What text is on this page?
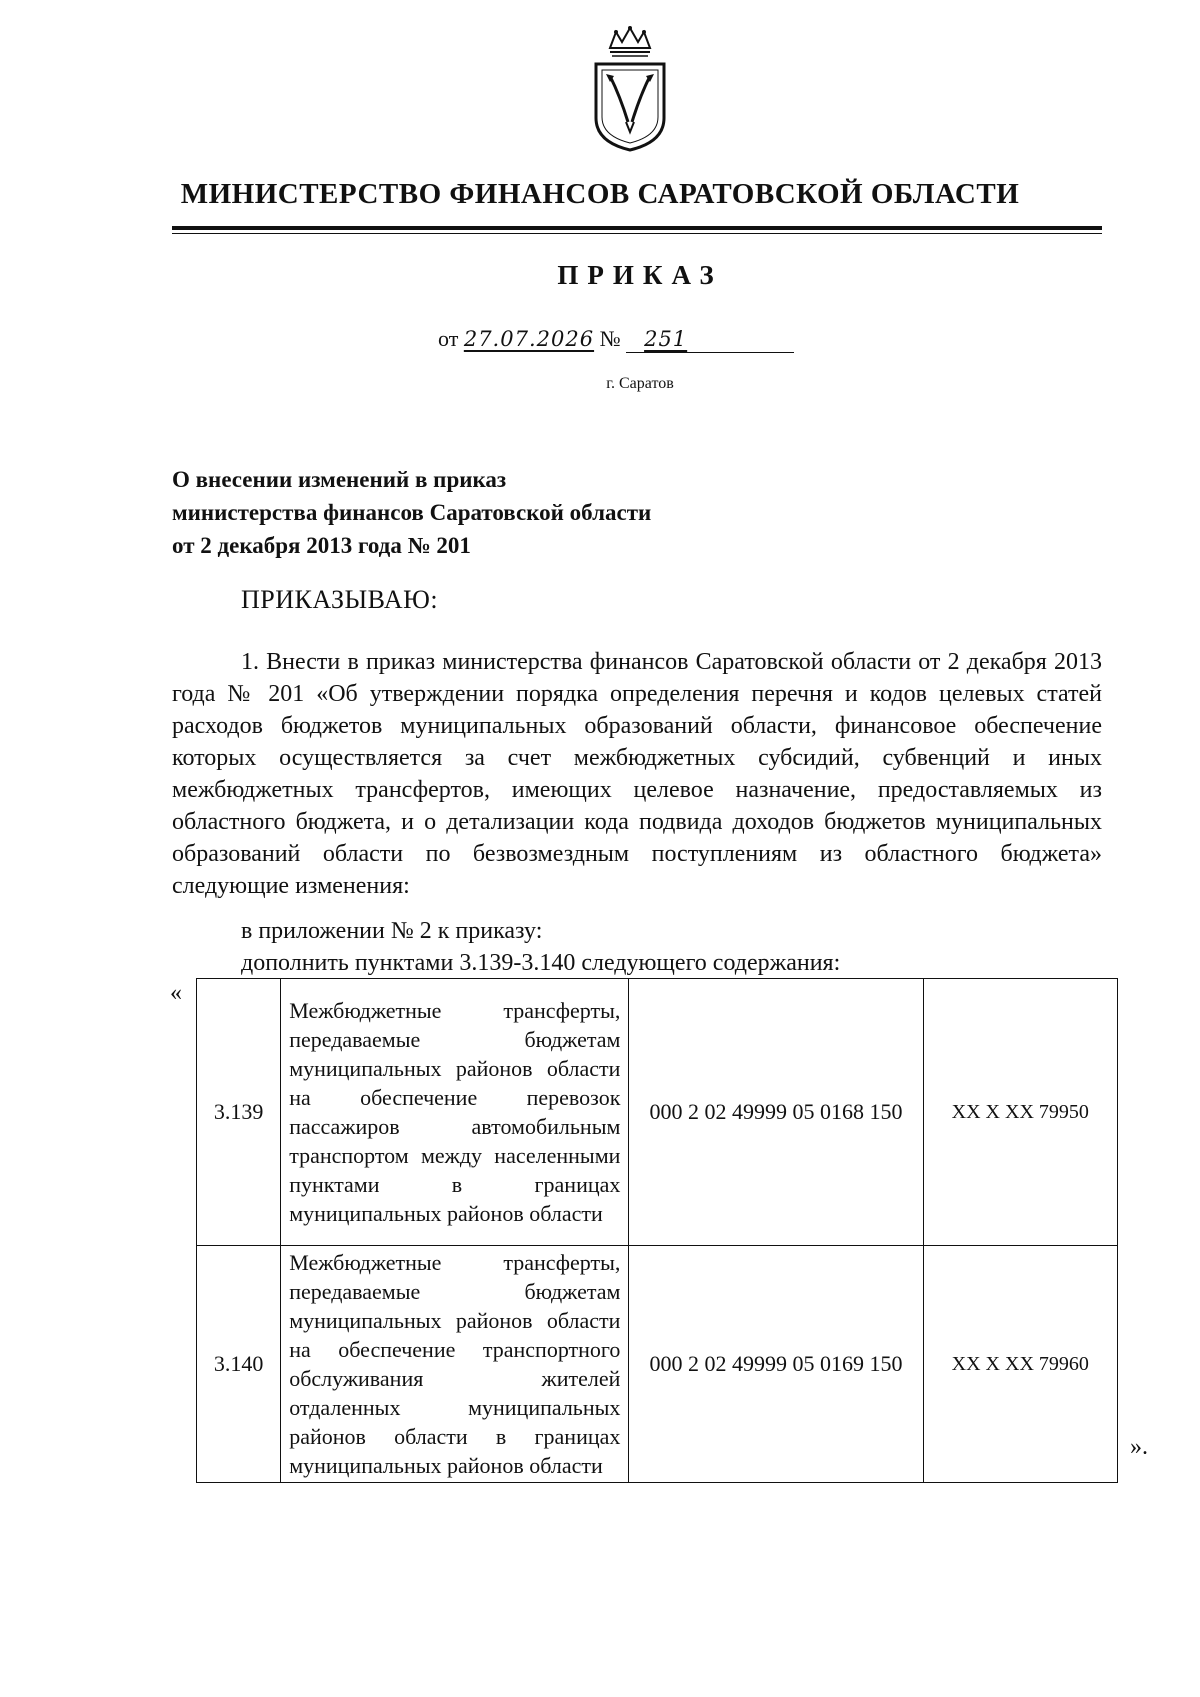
МИНИСТЕРСТВО ФИНАНСОВ САРАТОВСКОЙ ОБЛАСТИ
ПРИКАЗ
от 27.07.2026 № 251
г. Саратов
О внесении изменений в приказ
министерства финансов Саратовской области
от 2 декабря 2013 года № 201
ПРИКАЗЫВАЮ:

1. Внести в приказ министерства финансов Саратовской области от 2 декабря 2013 года № 201 «Об утверждении порядка определения перечня и кодов целевых статей расходов бюджетов муниципальных образований области, финансовое обеспечение которых осуществляется за счет межбюджетных субсидий, субвенций и иных межбюджетных трансфертов, имеющих целевое назначение, предоставляемых из областного бюджета, и о детализации кода подвида доходов бюджетов муниципальных образований области по безвозмездным поступлениям из областного бюджета» следующие изменения:

в приложении № 2 к приказу:
дополнить пунктами 3.139-3.140 следующего содержания:
«
3.139	Межбюджетные трансферты, передаваемые бюджетам муниципальных районов области на обеспечение перевозок пассажиров автомобильным транспортом между населенными пунктами в границах муниципальных районов области	000 2 02 49999 05 0168 150	XX X XX 79950
3.140	Межбюджетные трансферты, передаваемые бюджетам муниципальных районов области на обеспечение транспортного обслуживания жителей отдаленных муниципальных районов области в границах муниципальных районов области	000 2 02 49999 05 0169 150	XX X XX 79960
».
